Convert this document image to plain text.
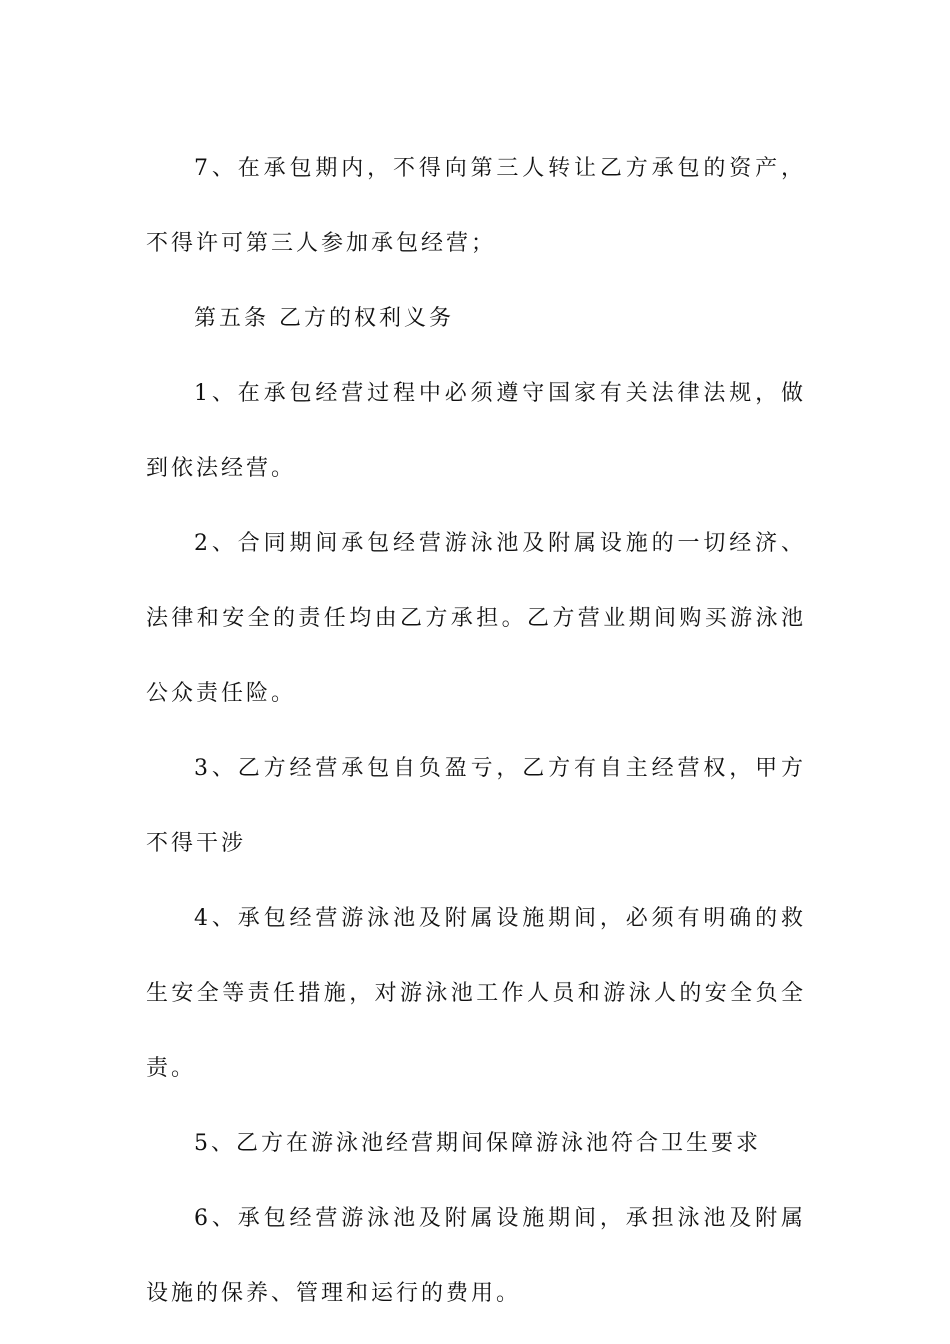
7、在承包期内，不得向第三人转让乙方承包的资产，不得许可第三人参加承包经营；

第五条 乙方的权利义务

1、在承包经营过程中必须遵守国家有关法律法规，做到依法经营。

2、合同期间承包经营游泳池及附属设施的一切经济、法律和安全的责任均由乙方承担。乙方营业期间购买游泳池公众责任险。

3、乙方经营承包自负盈亏，乙方有自主经营权，甲方不得干涉

4、承包经营游泳池及附属设施期间，必须有明确的救生安全等责任措施，对游泳池工作人员和游泳人的安全负全责。

5、乙方在游泳池经营期间保障游泳池符合卫生要求

6、承包经营游泳池及附属设施期间，承担泳池及附属设施的保养、管理和运行的费用。
